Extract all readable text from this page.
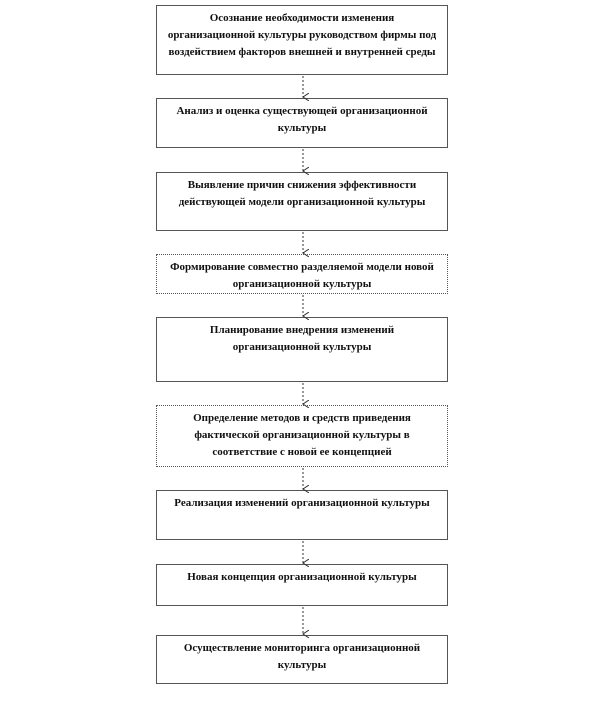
Осознание необходимости изменения организационной культуры руководством фирмы под воздействием факторов внешней и внутренней среды
Анализ и оценка существующей организационной культуры
Выявление причин снижения эффективности действующей модели организационной культуры
Формирование совместно разделяемой модели новой организационной культуры
Планирование внедрения изменений организационной культуры
Определение методов и средств приведения фактической организационной культуры в соответствие с новой ее концепцией
Реализация изменений организационной культуры
Новая концепция организационной культуры
Осуществление мониторинга организационной культуры
